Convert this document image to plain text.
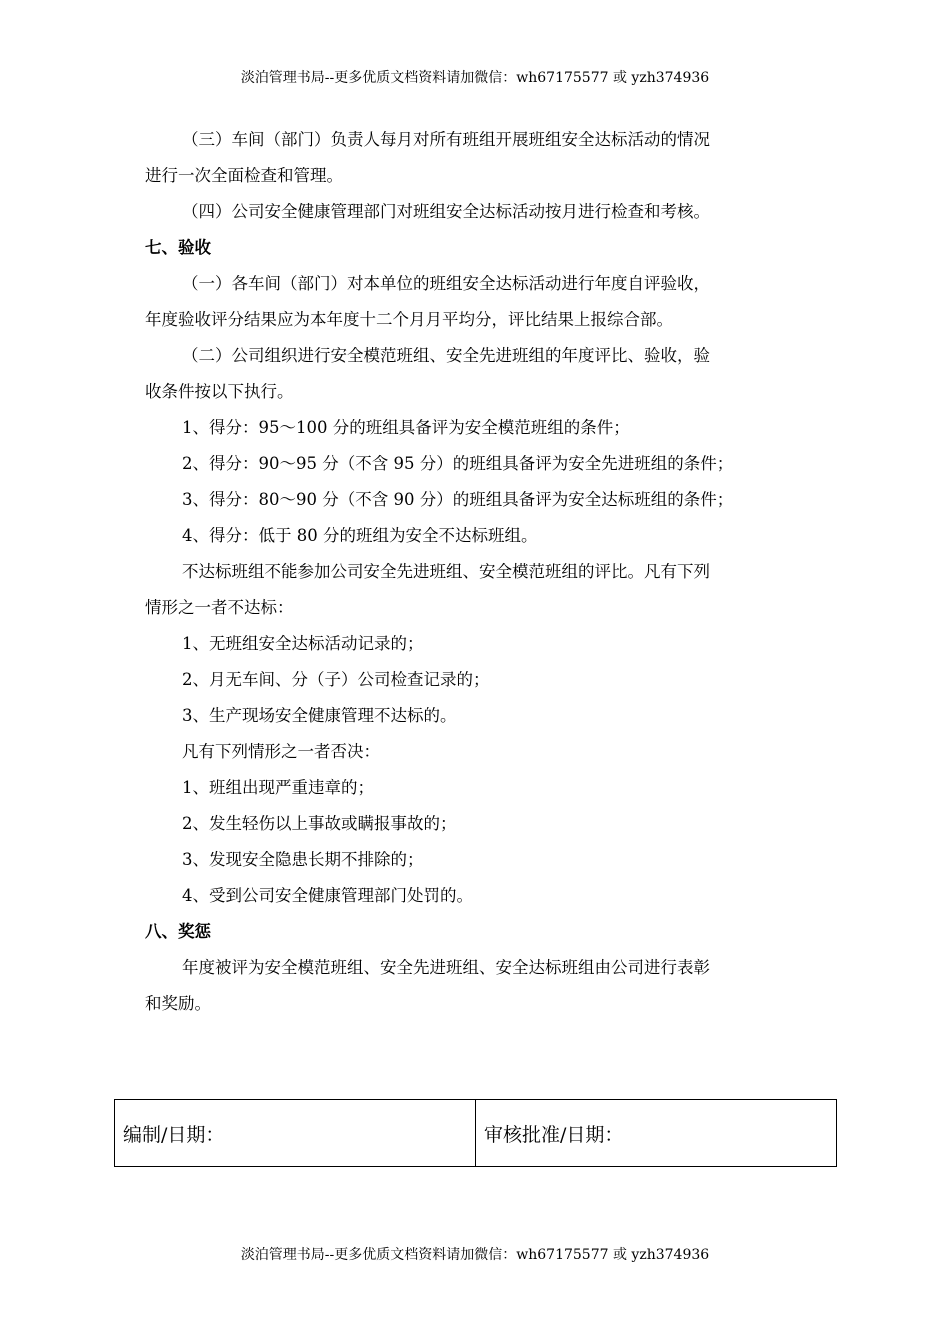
淡泊管理书局--更多优质文档资料请加微信：wh67175577 或 yzh374936

（三）车间（部门）负责人每月对所有班组开展班组安全达标活动的情况

进行一次全面检查和管理。

（四）公司安全健康管理部门对班组安全达标活动按月进行检查和考核。

七、验收

（一）各车间（部门）对本单位的班组安全达标活动进行年度自评验收，

年度验收评分结果应为本年度十二个月月平均分，评比结果上报综合部。

（二）公司组织进行安全模范班组、安全先进班组的年度评比、验收，验

收条件按以下执行。

1、得分：95～100 分的班组具备评为安全模范班组的条件；

2、得分：90～95 分（不含 95 分）的班组具备评为安全先进班组的条件；

3、得分：80～90 分（不含 90 分）的班组具备评为安全达标班组的条件；

4、得分：低于 80 分的班组为安全不达标班组。

不达标班组不能参加公司安全先进班组、安全模范班组的评比。凡有下列

情形之一者不达标：

1、无班组安全达标活动记录的；

2、月无车间、分（子）公司检查记录的；

3、生产现场安全健康管理不达标的。

凡有下列情形之一者否决：

1、班组出现严重违章的；

2、发生轻伤以上事故或瞒报事故的；

3、发现安全隐患长期不排除的；

4、受到公司安全健康管理部门处罚的。

八、奖惩

年度被评为安全模范班组、安全先进班组、安全达标班组由公司进行表彰

和奖励。

编制/日期：	审核批准/日期：
淡泊管理书局--更多优质文档资料请加微信：wh67175577 或 yzh374936
